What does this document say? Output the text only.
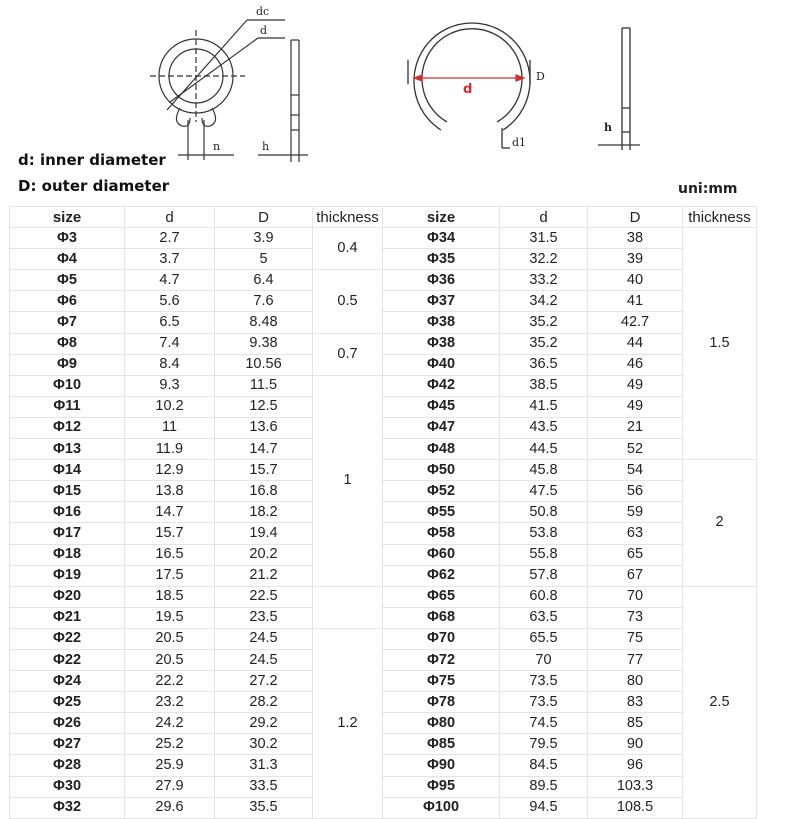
dc
d
n	h
d
D
d1
h
d: inner diameter
D: outer diameter	uni:mm
size	d	D	thickness	size	d	D	thickness
Φ3	2.7	3.9	0.4	Φ34	31.5	38	1.5
Φ4	3.7	5		Φ35	32.2	39	
Φ5	4.7	6.4	0.5	Φ36	33.2	40	
Φ6	5.6	7.6		Φ37	34.2	41	
Φ7	6.5	8.48		Φ38	35.2	42.7	
Φ8	7.4	9.38	0.7	Φ38	35.2	44	
Φ9	8.4	10.56		Φ40	36.5	46	
Φ10	9.3	11.5	1	Φ42	38.5	49	
Φ11	10.2	12.5		Φ45	41.5	49	
Φ12	11	13.6		Φ47	43.5	21	
Φ13	11.9	14.7		Φ48	44.5	52	
Φ14	12.9	15.7		Φ50	45.8	54	2
Φ15	13.8	16.8		Φ52	47.5	56	
Φ16	14.7	18.2		Φ55	50.8	59	
Φ17	15.7	19.4		Φ58	53.8	63	
Φ18	16.5	20.2		Φ60	55.8	65	
Φ19	17.5	21.2		Φ62	57.8	67	
Φ20	18.5	22.5		Φ65	60.8	70	2.5
Φ21	19.5	23.5		Φ68	63.5	73	
Φ22	20.5	24.5	1.2	Φ70	65.5	75	
Φ22	20.5	24.5		Φ72	70	77	
Φ24	22.2	27.2		Φ75	73.5	80	
Φ25	23.2	28.2		Φ78	73.5	83	
Φ26	24.2	29.2		Φ80	74.5	85	
Φ27	25.2	30.2		Φ85	79.5	90	
Φ28	25.9	31.3		Φ90	84.5	96	
Φ30	27.9	33.5		Φ95	89.5	103.3	
Φ32	29.6	35.5		Φ100	94.5	108.5	
